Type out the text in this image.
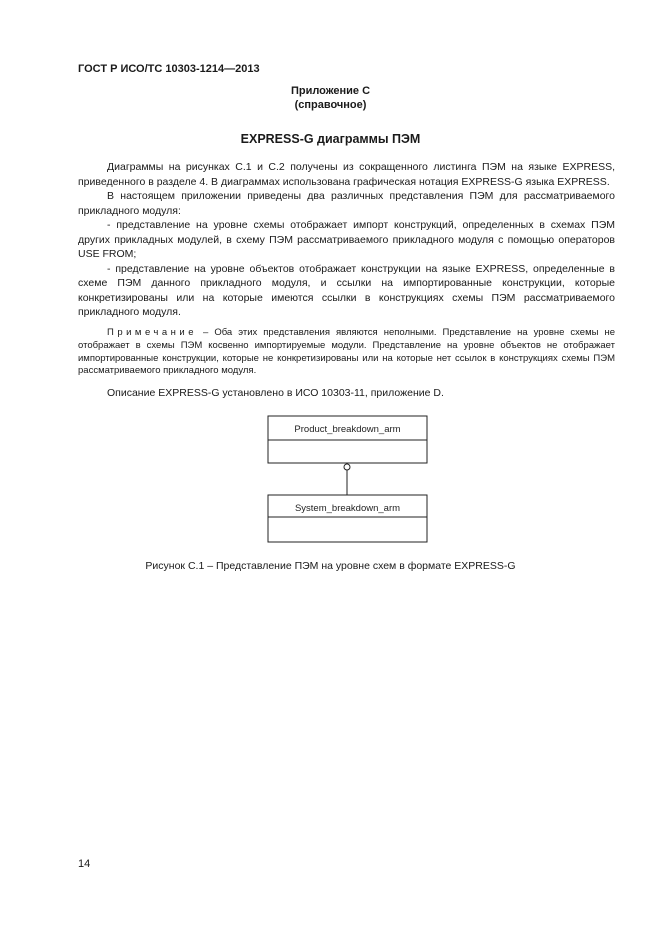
ГОСТ Р ИСО/ТС 10303-1214—2013
Приложение С
(справочное)
EXPRESS-G диаграммы ПЭМ

Диаграммы на рисунках С.1 и С.2 получены из сокращенного листинга ПЭМ на языке EXPRESS, приведенного в разделе 4. В диаграммах использована графическая нотация EXPRESS-G языка EXPRESS.

В настоящем приложении приведены два различных представления ПЭМ для рассматриваемого прикладного модуля:

- представление на уровне схемы отображает импорт конструкций, определенных в схемах ПЭМ других прикладных модулей, в схему ПЭМ рассматриваемого прикладного модуля с помощью операторов USE FROM;

- представление на уровне объектов отображает конструкции на языке EXPRESS, определенные в схеме ПЭМ данного прикладного модуля, и ссылки на импортированные конструкции, которые конкретизированы или на которые имеются ссылки в конструкциях схемы ПЭМ рассматриваемого прикладного модуля.

Примечание – Оба этих представления являются неполными. Представление на уровне схемы не отображает в схемы ПЭМ косвенно импортируемые модули. Представление на уровне объектов не отображает импортированные конструкции, которые не конкретизированы или на которые нет ссылок в конструкциях схемы ПЭМ рассматриваемого прикладного модуля.

Описание EXPRESS-G установлено в ИСО 10303-11, приложение D.
Product_breakdown_arm
System_breakdown_arm
Рисунок С.1 – Представление ПЭМ на уровне схем в формате EXPRESS-G
14
